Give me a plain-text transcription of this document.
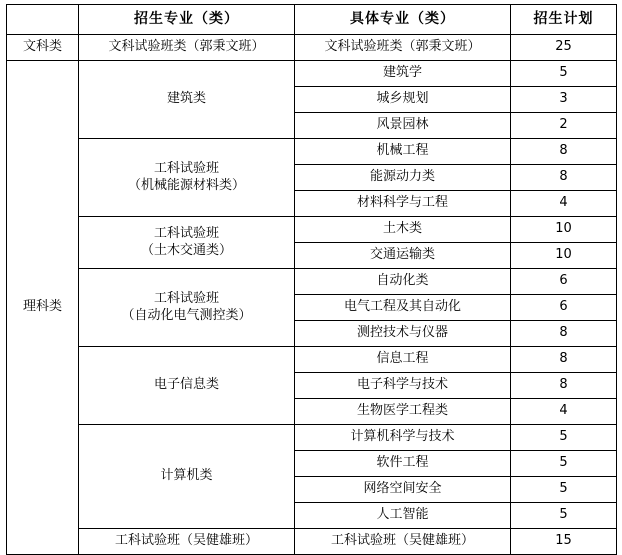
	招生专业（类）	具体专业（类）	招生计划
文科类	文科试验班类（郭秉文班）	文科试验班类（郭秉文班）	25
理科类	建筑类	建筑学	5
		城乡规划	3
		风景园林	2

	工科试验班
（机械能源材料类）	机械工程	8
		能源动力类	8
		材料科学与工程	4

	工科试验班
（土木交通类）	土木类	10
		交通运输类	10

	工科试验班
（自动化电气测控类）	自动化类	6
		电气工程及其自动化	6
		测控技术与仪器	8
	电子信息类	信息工程	8
		电子科学与技术	8
		生物医学工程类	4
	计算机类	计算机科学与技术	5
		软件工程	5
		网络空间安全	5
		人工智能	5
	工科试验班（吴健雄班）	工科试验班（吴健雄班）	15
